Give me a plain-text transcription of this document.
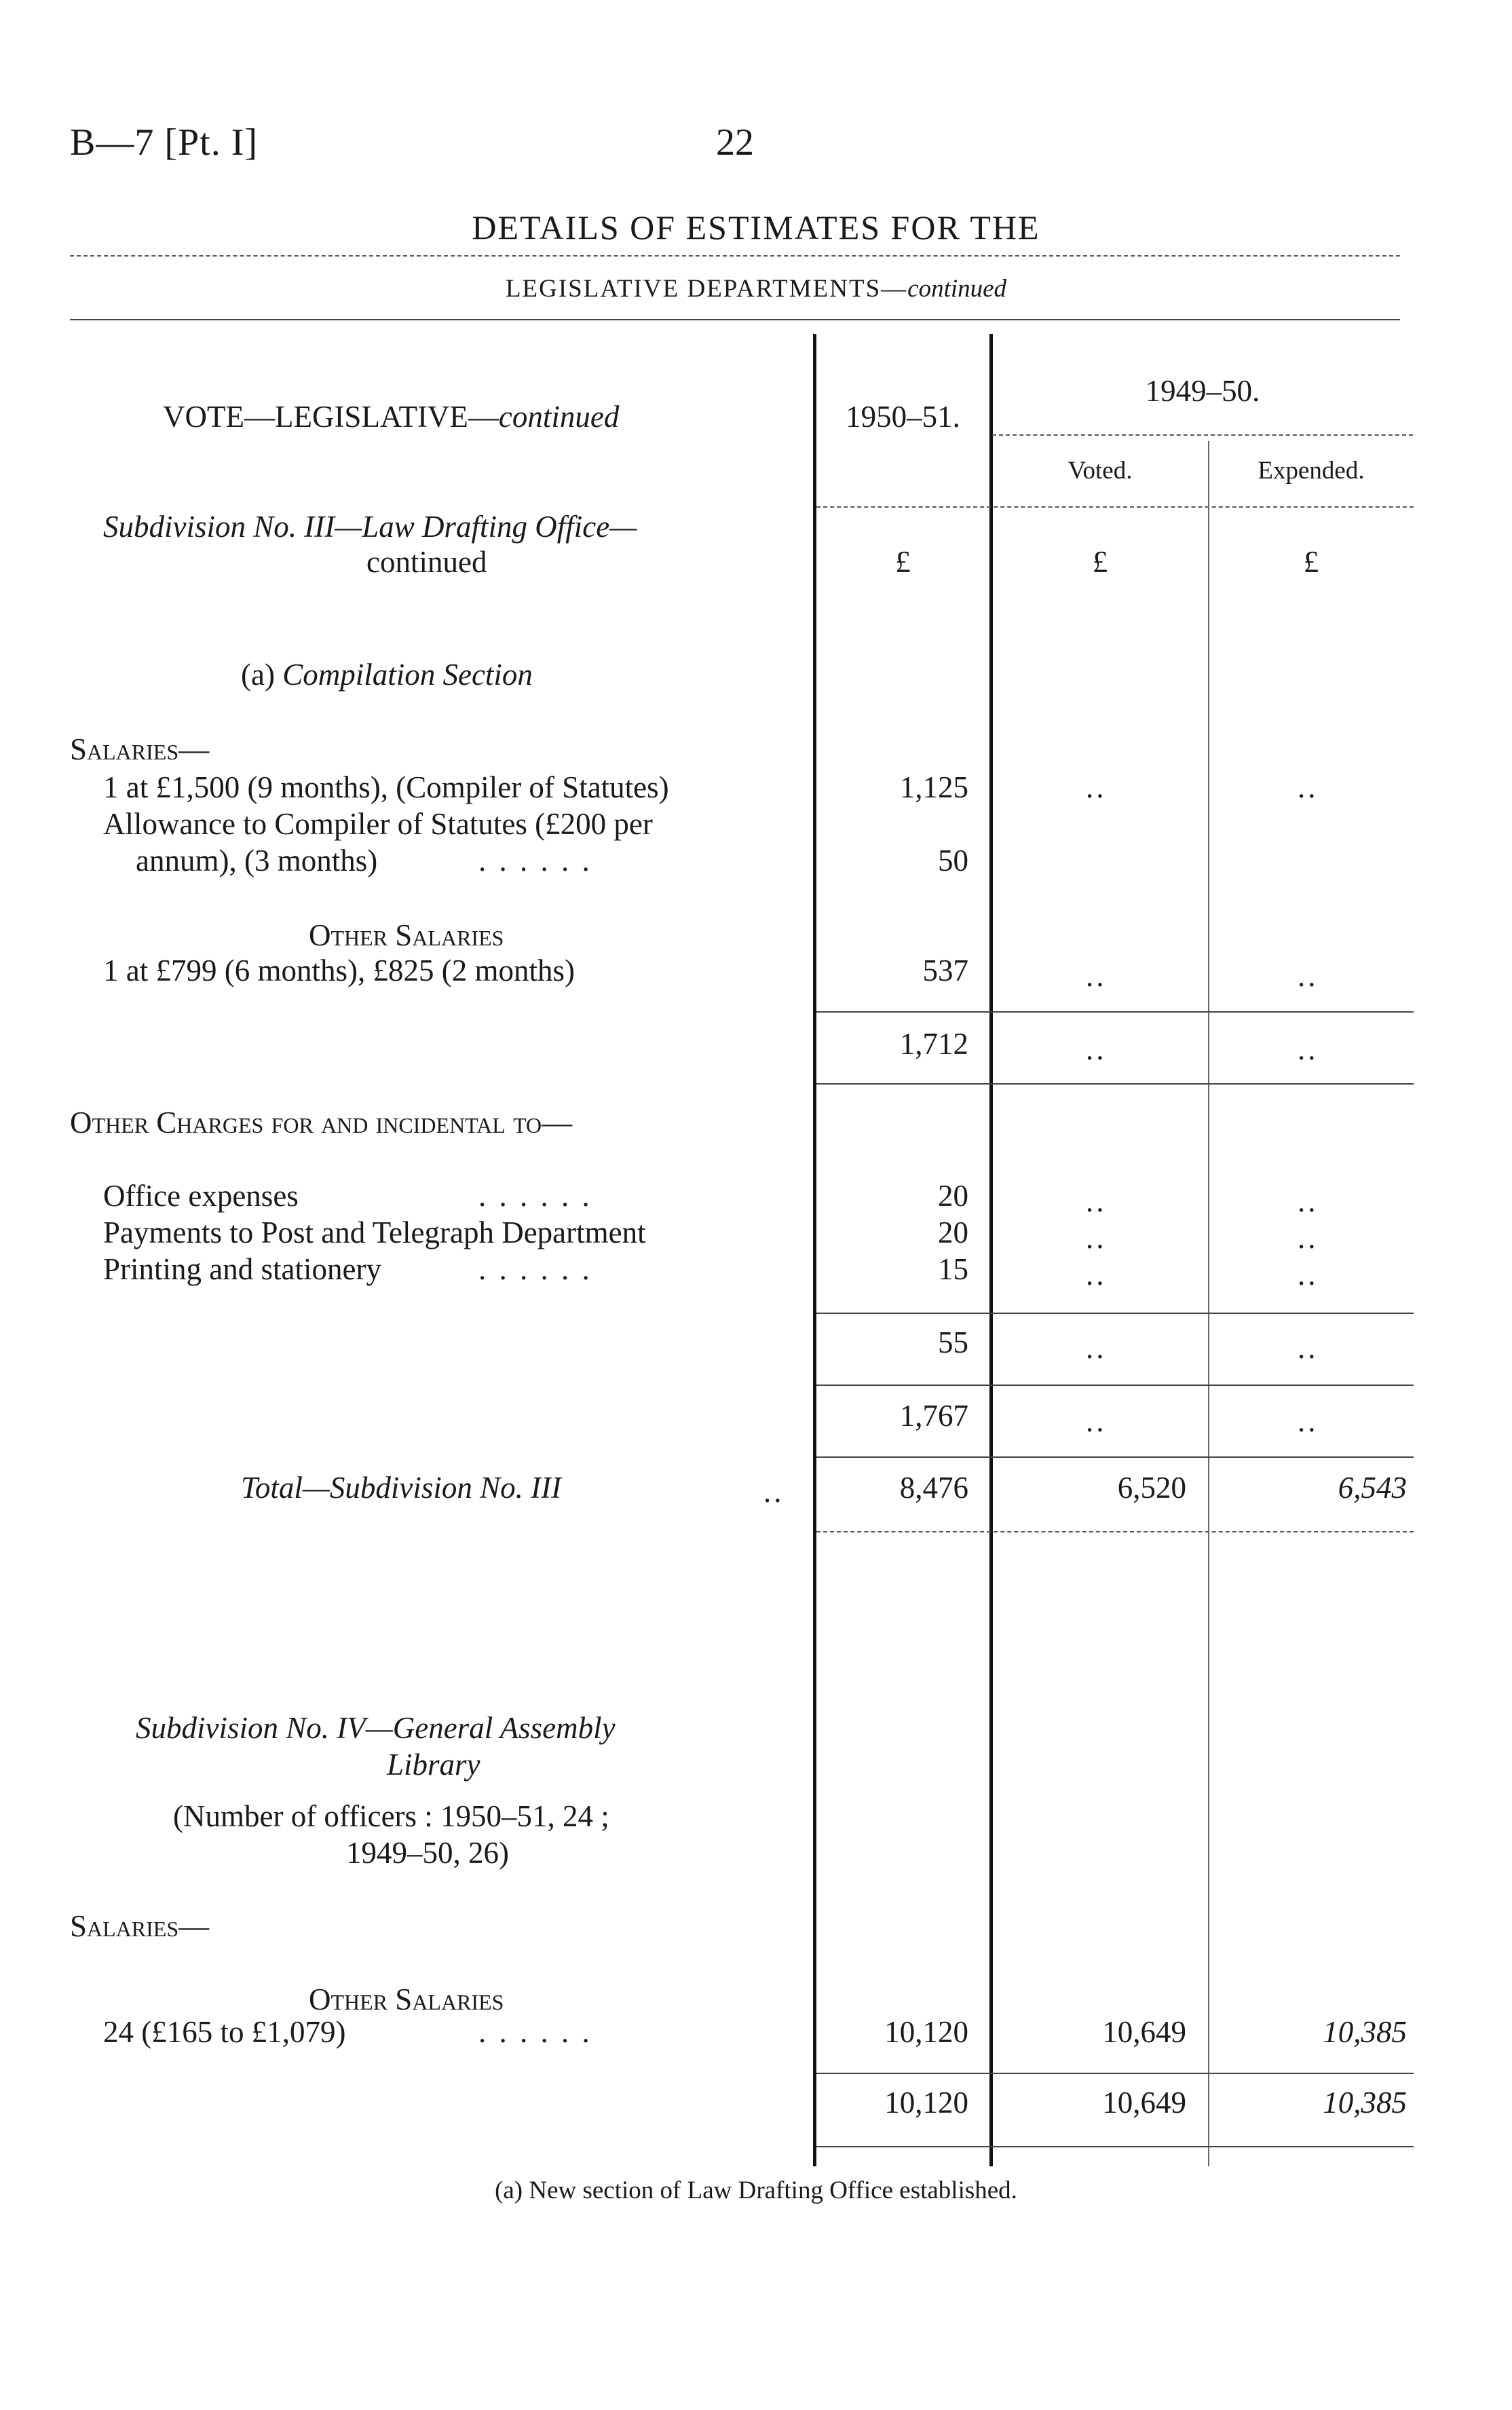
B—7 [Pt. I]	22
DETAILS OF ESTIMATES FOR THE
LEGISLATIVE DEPARTMENTS—continued
VOTE—LEGISLATIVE—continued	1950–51.
1949–50.
Voted.	Expended.
Subdivision No. III—Law Drafting Office—
continued	£	£	£
(a) Compilation Section
Salaries—
1 at £1,500 (9 months), (Compiler of Statutes)	1,125	..	..
Allowance to Compiler of Statutes (£200 per
annum), (3 months)	. . . . . .	50
Other Salaries
1 at £799 (6 months), £825 (2 months)	537	..	..
1,712	..	..
Other Charges for and incidental to—
Office expenses	. . . . . .	20	..	..
Payments to Post and Telegraph Department	20	..	..
Printing and stationery	. . . . . .	15	..	..
55	..	..
1,767	..	..
Total—Subdivision No. III	..	8,476	6,520	6,543
Subdivision No. IV—General Assembly
Library
(Number of officers : 1950–51, 24 ;
1949–50, 26)
Salaries—
Other Salaries
24 (£165 to £1,079)	. . . . . .	10,120	10,649	10,385
10,120	10,649	10,385
(a) New section of Law Drafting Office established.
